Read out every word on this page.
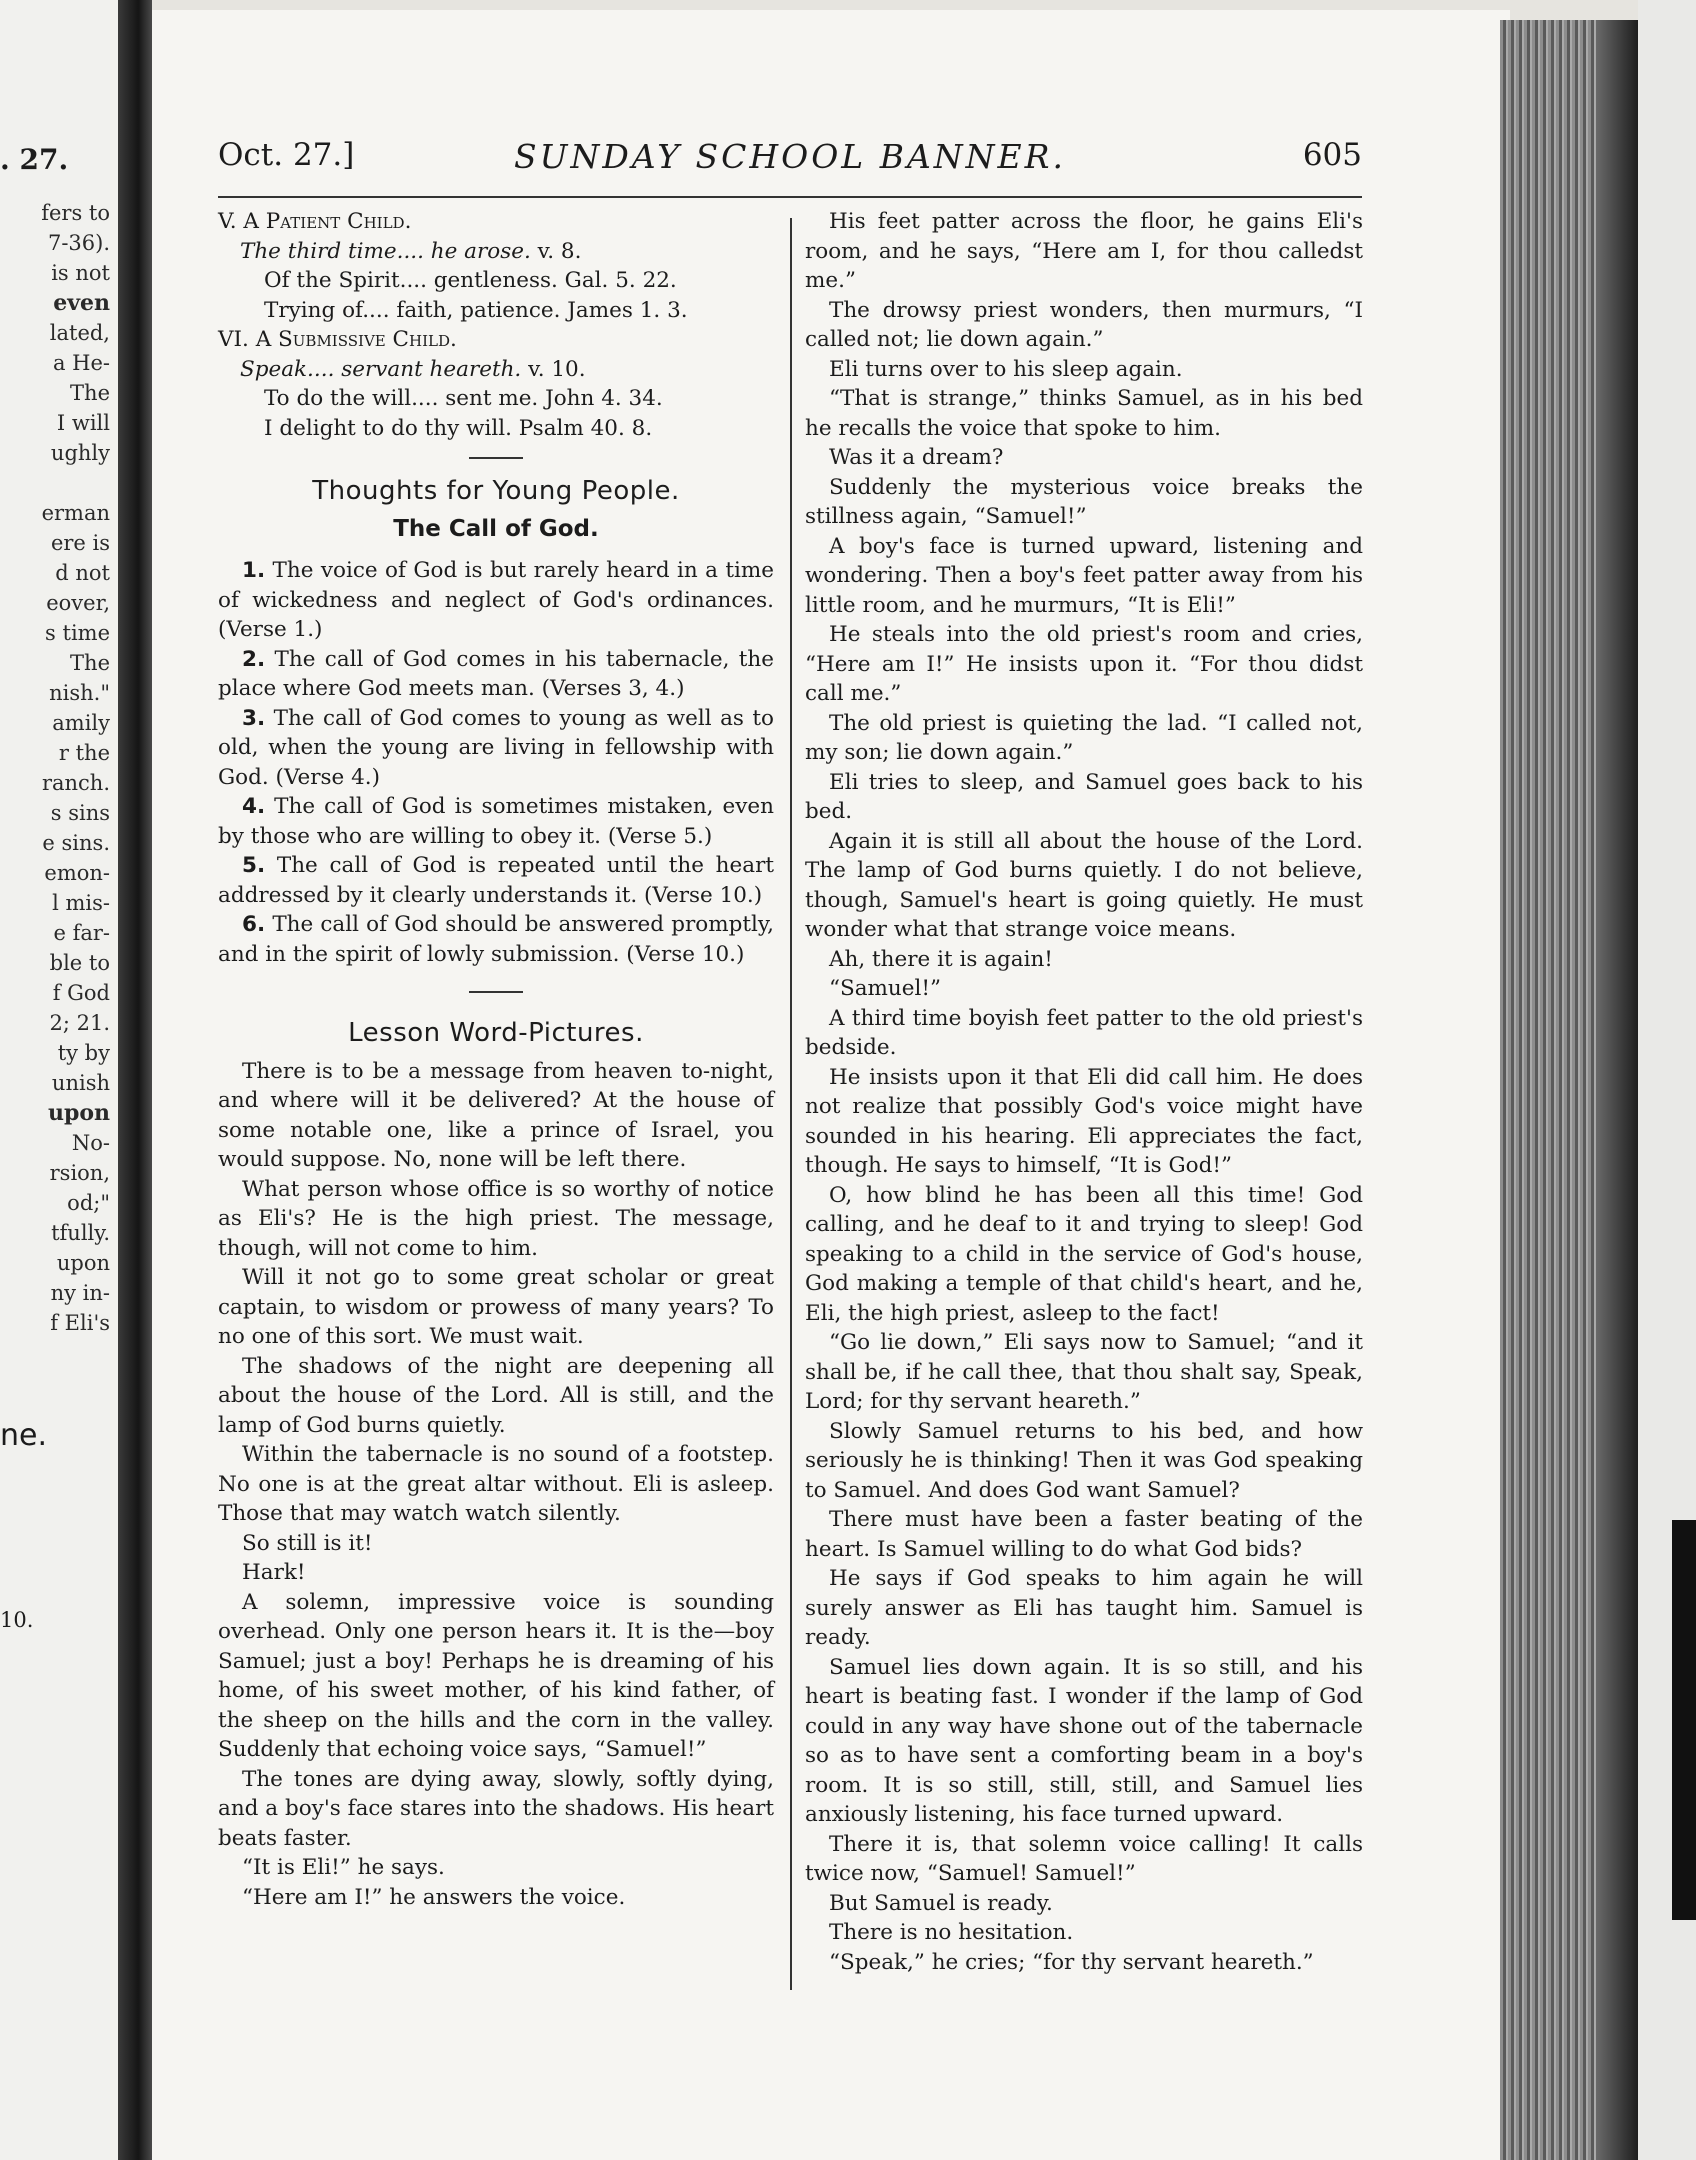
. 27.
fers to
7-36).
is not
even
lated,
a He-
The
I will
ughly
erman
ere is
d not
eover,
s time
The
nish."
amily
r the
ranch.
s sins
e sins.
emon-
l mis-
e far-
ble to
f God
2; 21.
ty by
unish
upon
No-
rsion,
od;"
tfully.
upon
ny in-
f Eli's
ne.
10.
Oct. 27.]	SUNDAY SCHOOL BANNER.	605

V. A Patient Child.

The third time.... he arose. v. 8.

Of the Spirit.... gentleness. Gal. 5. 22.

Trying of.... faith, patience. James 1. 3.

VI. A Submissive Child.

Speak.... servant heareth. v. 10.

To do the will.... sent me. John 4. 34.

I delight to do thy will. Psalm 40. 8.

Thoughts for Young People.
The Call of God.

1. The voice of God is but rarely heard in a time of wickedness and neglect of God's ordinances. (Verse 1.)

2. The call of God comes in his tabernacle, the place where God meets man. (Verses 3, 4.)

3. The call of God comes to young as well as to old, when the young are living in fellowship with God. (Verse 4.)

4. The call of God is sometimes mistaken, even by those who are willing to obey it. (Verse 5.)

5. The call of God is repeated until the heart addressed by it clearly understands it. (Verse 10.)

6. The call of God should be answered promptly, and in the spirit of lowly submission. (Verse 10.)

Lesson Word-Pictures.

There is to be a message from heaven to-night, and where will it be delivered? At the house of some notable one, like a prince of Israel, you would suppose. No, none will be left there.

What person whose office is so worthy of notice as Eli's? He is the high priest. The message, though, will not come to him.

Will it not go to some great scholar or great captain, to wisdom or prowess of many years? To no one of this sort. We must wait.

The shadows of the night are deepening all about the house of the Lord. All is still, and the lamp of God burns quietly.

Within the tabernacle is no sound of a footstep. No one is at the great altar without. Eli is asleep. Those that may watch watch silently.

So still is it!

Hark!

A solemn, impressive voice is sounding overhead. Only one person hears it. It is the—boy Samuel; just a boy! Perhaps he is dreaming of his home, of his sweet mother, of his kind father, of the sheep on the hills and the corn in the valley. Suddenly that echoing voice says, “Samuel!”

The tones are dying away, slowly, softly dying, and a boy's face stares into the shadows. His heart beats faster.

“It is Eli!” he says.

“Here am I!” he answers the voice.

His feet patter across the floor, he gains Eli's room, and he says, “Here am I, for thou calledst me.”

The drowsy priest wonders, then murmurs, “I called not; lie down again.”

Eli turns over to his sleep again.

“That is strange,” thinks Samuel, as in his bed he recalls the voice that spoke to him.

Was it a dream?

Suddenly the mysterious voice breaks the stillness again, “Samuel!”

A boy's face is turned upward, listening and wondering. Then a boy's feet patter away from his little room, and he murmurs, “It is Eli!”

He steals into the old priest's room and cries, “Here am I!” He insists upon it. “For thou didst call me.”

The old priest is quieting the lad. “I called not, my son; lie down again.”

Eli tries to sleep, and Samuel goes back to his bed.

Again it is still all about the house of the Lord. The lamp of God burns quietly. I do not believe, though, Samuel's heart is going quietly. He must wonder what that strange voice means.

Ah, there it is again!

“Samuel!”

A third time boyish feet patter to the old priest's bedside.

He insists upon it that Eli did call him. He does not realize that possibly God's voice might have sounded in his hearing. Eli appreciates the fact, though. He says to himself, “It is God!”

O, how blind he has been all this time! God calling, and he deaf to it and trying to sleep! God speaking to a child in the service of God's house, God making a temple of that child's heart, and he, Eli, the high priest, asleep to the fact!

“Go lie down,” Eli says now to Samuel; “and it shall be, if he call thee, that thou shalt say, Speak, Lord; for thy servant heareth.”

Slowly Samuel returns to his bed, and how seriously he is thinking! Then it was God speaking to Samuel. And does God want Samuel?

There must have been a faster beating of the heart. Is Samuel willing to do what God bids?

He says if God speaks to him again he will surely answer as Eli has taught him. Samuel is ready.

Samuel lies down again. It is so still, and his heart is beating fast. I wonder if the lamp of God could in any way have shone out of the tabernacle so as to have sent a comforting beam in a boy's room. It is so still, still, still, and Samuel lies anxiously listening, his face turned upward.

There it is, that solemn voice calling! It calls twice now, “Samuel! Samuel!”

But Samuel is ready.

There is no hesitation.

“Speak,” he cries; “for thy servant heareth.”
